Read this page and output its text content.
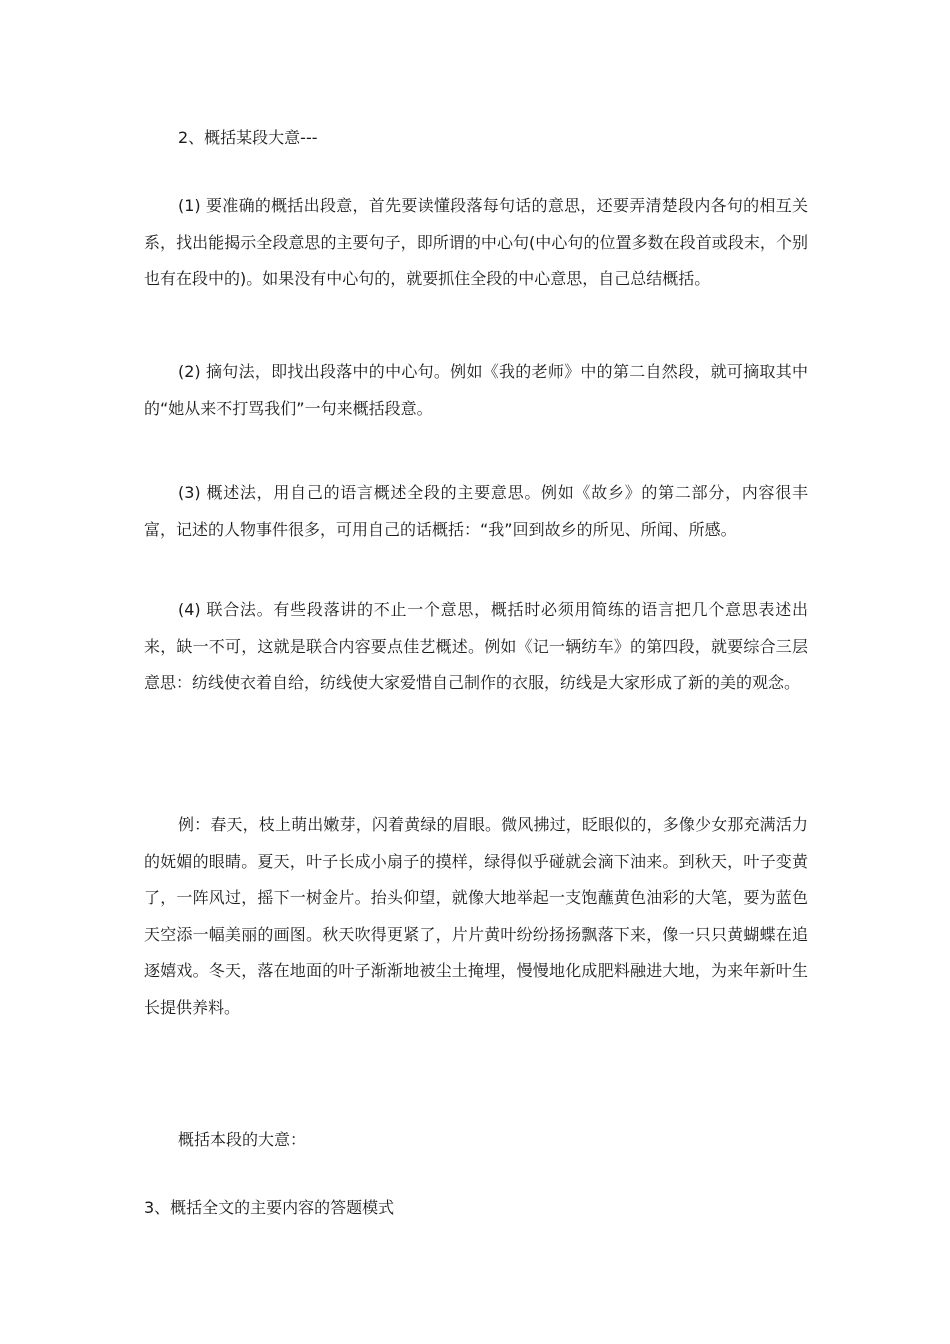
2、概括某段大意---

(1) 要准确的概括出段意，首先要读懂段落每句话的意思，还要弄清楚段内各句的相互关系，找出能揭示全段意思的主要句子，即所谓的中心句(中心句的位置多数在段首或段末，个别也有在段中的)。如果没有中心句的，就要抓住全段的中心意思，自己总结概括。

(2) 摘句法，即找出段落中的中心句。例如《我的老师》中的第二自然段，就可摘取其中的“她从来不打骂我们”一句来概括段意。

(3) 概述法，用自己的语言概述全段的主要意思。例如《故乡》的第二部分，内容很丰富，记述的人物事件很多，可用自己的话概括：“我”回到故乡的所见、所闻、所感。

(4) 联合法。有些段落讲的不止一个意思，概括时必须用简练的语言把几个意思表述出来，缺一不可，这就是联合内容要点佳艺概述。例如《记一辆纺车》的第四段，就要综合三层意思：纺线使衣着自给，纺线使大家爱惜自己制作的衣服，纺线是大家形成了新的美的观念。

例：春天，枝上萌出嫩芽，闪着黄绿的眉眼。微风拂过，眨眼似的，多像少女那充满活力的妩媚的眼睛。夏天，叶子长成小扇子的摸样，绿得似乎碰就会滴下油来。到秋天，叶子变黄了，一阵风过，摇下一树金片。抬头仰望，就像大地举起一支饱蘸黄色油彩的大笔，要为蓝色天空添一幅美丽的画图。秋天吹得更紧了，片片黄叶纷纷扬扬飘落下来，像一只只黄蝴蝶在追逐嬉戏。冬天，落在地面的叶子渐渐地被尘土掩埋，慢慢地化成肥料融进大地，为来年新叶生长提供养料。

概括本段的大意：

3、概括全文的主要内容的答题模式
